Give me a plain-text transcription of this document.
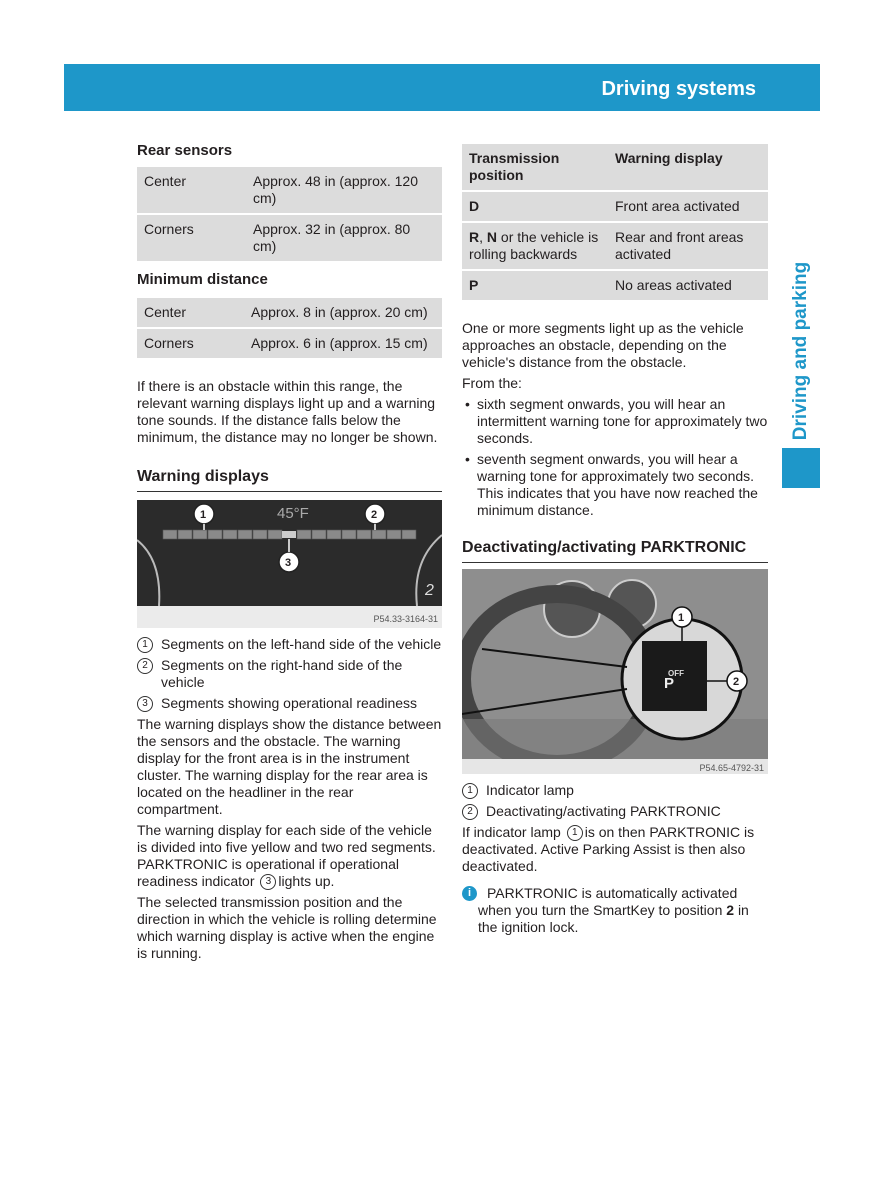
Driving systems	215
Driving and parking
Rear sensors
Center	Approx. 48 in (approx. 120 cm)
Corners	Approx. 32 in (approx. 80 cm)
Minimum distance
Center	Approx. 8 in (approx. 20 cm)
Corners	Approx. 6 in (approx. 15 cm)

If there is an obstacle within this range, the relevant warning displays light up and a warning tone sounds. If the distance falls below the minimum, the distance may no longer be shown.

Warning displays
1	2
3
45°F
2
P54.33-3164-31
1 Segments on the left-hand side of the vehicle
2 Segments on the right-hand side of the vehicle
3 Segments showing operational readiness

The warning displays show the distance between the sensors and the obstacle. The warning display for the front area is in the instrument cluster. The warning display for the rear area is located on the headliner in the rear compartment.

The warning display for each side of the vehicle is divided into five yellow and two red segments. PARKTRONIC is operational if operational readiness indicator 3 lights up.

The selected transmission position and the direction in which the vehicle is rolling determine which warning display is active when the engine is running.

Transmission position	Warning display
D	Front area activated
R, N or the vehicle is rolling backwards	Rear and front areas activated
P	No areas activated

One or more segments light up as the vehicle approaches an obstacle, depending on the vehicle's distance from the obstacle.

From the:

• sixth segment onwards, you will hear an intermittent warning tone for approximately two seconds.
• seventh segment onwards, you will hear a warning tone for approximately two seconds. This indicates that you have now reached the minimum distance.
Deactivating/activating PARKTRONIC
1
2
OFF
P
P54.65-4792-31
1 Indicator lamp
2 Deactivating/activating PARKTRONIC

If indicator lamp 1 is on then PARKTRONIC is deactivated. Active Parking Assist is then also deactivated.

i	PARKTRONIC is automatically activated when you turn the SmartKey to position 2 in the ignition lock.
